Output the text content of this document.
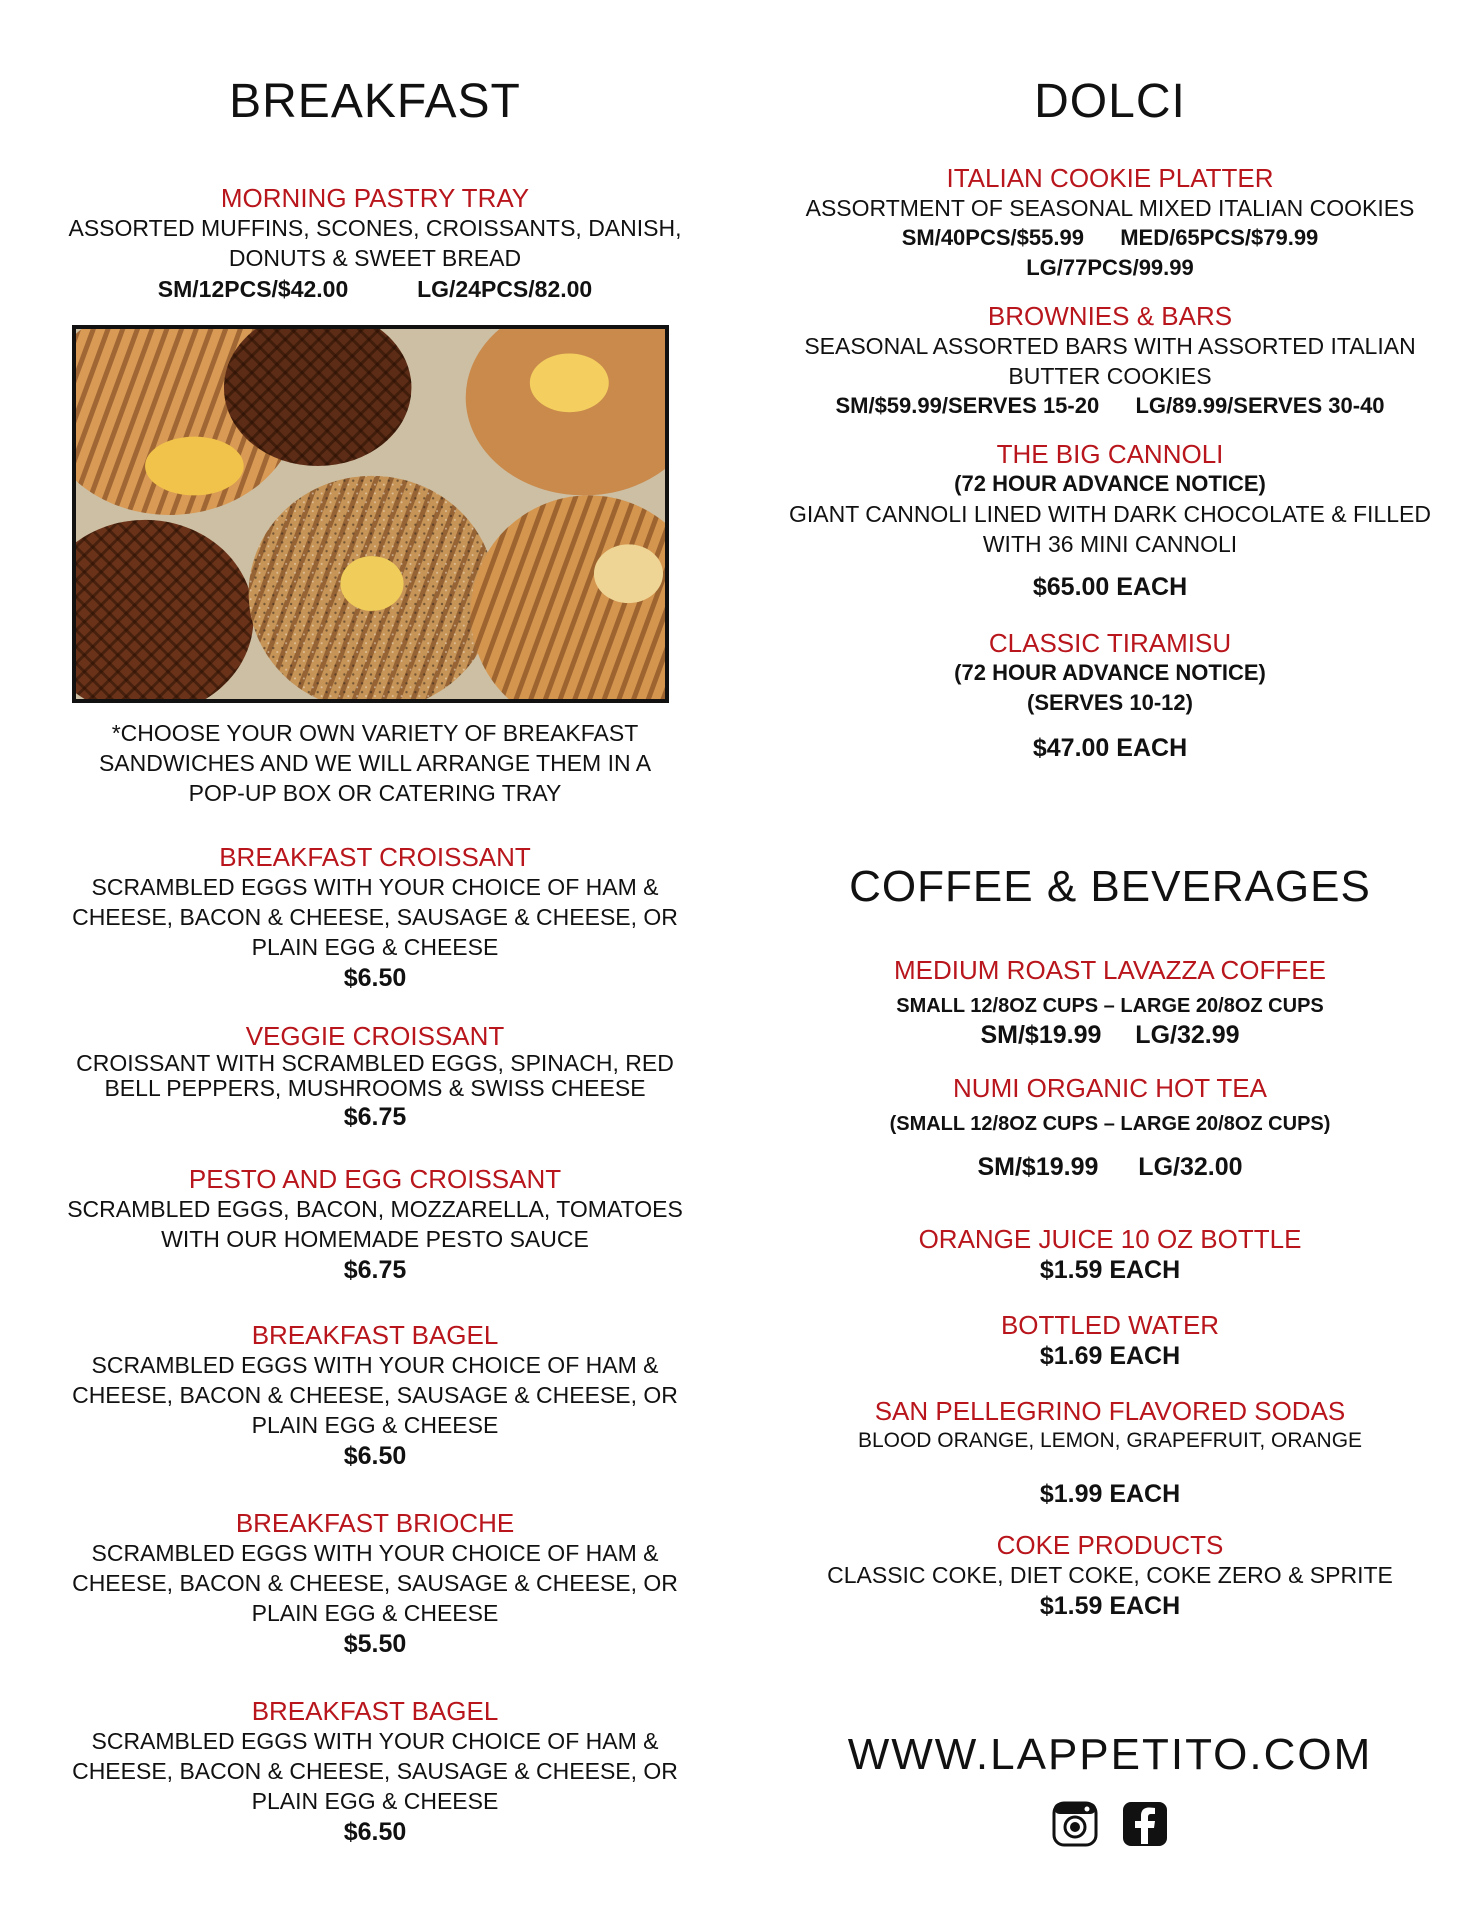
BREAKFAST
MORNING PASTRY TRAY
ASSORTED MUFFINS, SCONES, CROISSANTS, DANISH,
DONUTS & SWEET BREAD
SM/12PCS/$42.00	LG/24PCS/82.00
*CHOOSE YOUR OWN VARIETY OF BREAKFAST
SANDWICHES AND WE WILL ARRANGE THEM IN A
POP-UP BOX OR CATERING TRAY
BREAKFAST CROISSANT
SCRAMBLED EGGS WITH YOUR CHOICE OF HAM &
CHEESE, BACON & CHEESE, SAUSAGE & CHEESE, OR
PLAIN EGG & CHEESE
$6.50
VEGGIE CROISSANT
CROISSANT WITH SCRAMBLED EGGS, SPINACH, RED
BELL PEPPERS, MUSHROOMS & SWISS CHEESE
$6.75
PESTO AND EGG CROISSANT
SCRAMBLED EGGS, BACON, MOZZARELLA, TOMATOES
WITH OUR HOMEMADE PESTO SAUCE
$6.75
BREAKFAST BAGEL
SCRAMBLED EGGS WITH YOUR CHOICE OF HAM &
CHEESE, BACON & CHEESE, SAUSAGE & CHEESE, OR
PLAIN EGG & CHEESE
$6.50
BREAKFAST BRIOCHE
SCRAMBLED EGGS WITH YOUR CHOICE OF HAM &
CHEESE, BACON & CHEESE, SAUSAGE & CHEESE, OR
PLAIN EGG & CHEESE
$5.50
BREAKFAST BAGEL
SCRAMBLED EGGS WITH YOUR CHOICE OF HAM &
CHEESE, BACON & CHEESE, SAUSAGE & CHEESE, OR
PLAIN EGG & CHEESE
$6.50
DOLCI
ITALIAN COOKIE PLATTER
ASSORTMENT OF SEASONAL MIXED ITALIAN COOKIES
SM/40PCS/$55.99 MED/65PCS/$79.99
LG/77PCS/99.99
BROWNIES & BARS
SEASONAL ASSORTED BARS WITH ASSORTED ITALIAN
BUTTER COOKIES
SM/$59.99/SERVES 15-20 LG/89.99/SERVES 30-40
THE BIG CANNOLI
(72 HOUR ADVANCE NOTICE)
GIANT CANNOLI LINED WITH DARK CHOCOLATE & FILLED
WITH 36 MINI CANNOLI
$65.00 EACH
CLASSIC TIRAMISU
(72 HOUR ADVANCE NOTICE)
(SERVES 10-12)
$47.00 EACH
COFFEE & BEVERAGES
MEDIUM ROAST LAVAZZA COFFEE
SMALL 12/8OZ CUPS – LARGE 20/8OZ CUPS
SM/$19.99 LG/32.99
NUMI ORGANIC HOT TEA
(SMALL 12/8OZ CUPS – LARGE 20/8OZ CUPS)
SM/$19.99 LG/32.00
ORANGE JUICE 10 OZ BOTTLE
$1.59 EACH
BOTTLED WATER
$1.69 EACH
SAN PELLEGRINO FLAVORED SODAS
BLOOD ORANGE, LEMON, GRAPEFRUIT, ORANGE
$1.99 EACH
COKE PRODUCTS
CLASSIC COKE, DIET COKE, COKE ZERO & SPRITE
$1.59 EACH
WWW.LAPPETITO.COM
